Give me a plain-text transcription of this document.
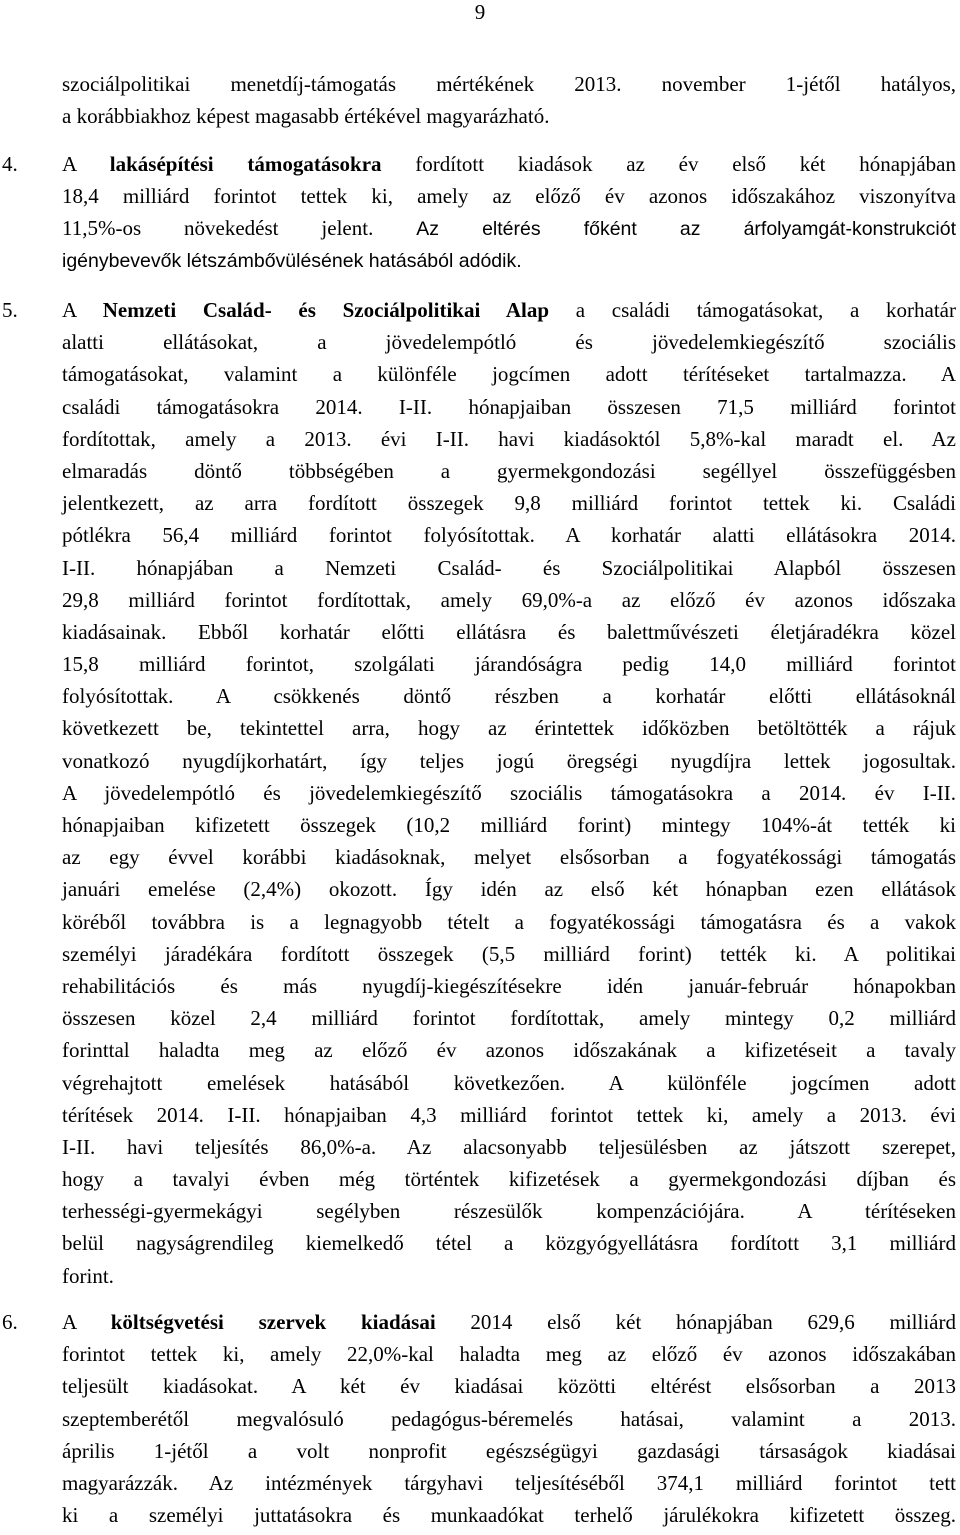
9
szociálpolitikai menetdíj-támogatás mértékének 2013. november 1-jétől hatályos,
a korábbiakhoz képest magasabb értékével magyarázható.
4. A lakásépítési támogatásokra fordított kiadások az év első két hónapjában
18,4 milliárd forintot tettek ki, amely az előző év azonos időszakához viszonyítva
11,5%-os növekedést jelent. Az eltérés főként az árfolyamgát-konstrukciót
igénybevevők létszámbővülésének hatásából adódik.
5. A Nemzeti Család- és Szociálpolitikai Alap a családi támogatásokat, a korhatár
alatti ellátásokat, a jövedelempótló és jövedelemkiegészítő szociális
támogatásokat, valamint a különféle jogcímen adott térítéseket tartalmazza. A
családi támogatásokra 2014. I-II. hónapjaiban összesen 71,5 milliárd forintot
fordítottak, amely a 2013. évi I-II. havi kiadásoktól 5,8%-kal maradt el. Az
elmaradás döntő többségében a gyermekgondozási segéllyel összefüggésben
jelentkezett, az arra fordított összegek 9,8 milliárd forintot tettek ki. Családi
pótlékra 56,4 milliárd forintot folyósítottak. A korhatár alatti ellátásokra 2014.
I-II. hónapjában a Nemzeti Család- és Szociálpolitikai Alapból összesen
29,8 milliárd forintot fordítottak, amely 69,0%-a az előző év azonos időszaka
kiadásainak. Ebből korhatár előtti ellátásra és balettművészeti életjáradékra közel
15,8 milliárd forintot, szolgálati járandóságra pedig 14,0 milliárd forintot
folyósítottak. A csökkenés döntő részben a korhatár előtti ellátásoknál
következett be, tekintettel arra, hogy az érintettek időközben betöltötték a rájuk
vonatkozó nyugdíjkorhatárt, így teljes jogú öregségi nyugdíjra lettek jogosultak.
A jövedelempótló és jövedelemkiegészítő szociális támogatásokra a 2014. év I-II.
hónapjaiban kifizetett összegek (10,2 milliárd forint) mintegy 104%-át tették ki
az egy évvel korábbi kiadásoknak, melyet elsősorban a fogyatékossági támogatás
januári emelése (2,4%) okozott. Így idén az első két hónapban ezen ellátások
köréből továbbra is a legnagyobb tételt a fogyatékossági támogatásra és a vakok
személyi járadékára fordított összegek (5,5 milliárd forint) tették ki. A politikai
rehabilitációs és más nyugdíj-kiegészítésekre idén január-február hónapokban
összesen közel 2,4 milliárd forintot fordítottak, amely mintegy 0,2 milliárd
forinttal haladta meg az előző év azonos időszakának a kifizetéseit a tavaly
végrehajtott emelések hatásából következően. A különféle jogcímen adott
térítések 2014. I-II. hónapjaiban 4,3 milliárd forintot tettek ki, amely a 2013. évi
I-II. havi teljesítés 86,0%-a. Az alacsonyabb teljesülésben az játszott szerepet,
hogy a tavalyi évben még történtek kifizetések a gyermekgondozási díjban és
terhességi-gyermekágyi segélyben részesülők kompenzációjára. A térítéseken
belül nagyságrendileg kiemelkedő tétel a közgyógyellátásra fordított 3,1 milliárd
forint.
6. A költségvetési szervek kiadásai 2014 első két hónapjában 629,6 milliárd
forintot tettek ki, amely 22,0%-kal haladta meg az előző év azonos időszakában
teljesült kiadásokat. A két év kiadásai közötti eltérést elsősorban a 2013
szeptemberétől megvalósuló pedagógus-béremelés hatásai, valamint a 2013.
április 1-jétől a volt nonprofit egészségügyi gazdasági társaságok kiadásai
magyarázzák. Az intézmények tárgyhavi teljesítéséből 374,1 milliárd forintot tett
ki a személyi juttatásokra és munkaadókat terhelő járulékokra kifizetett összeg.
